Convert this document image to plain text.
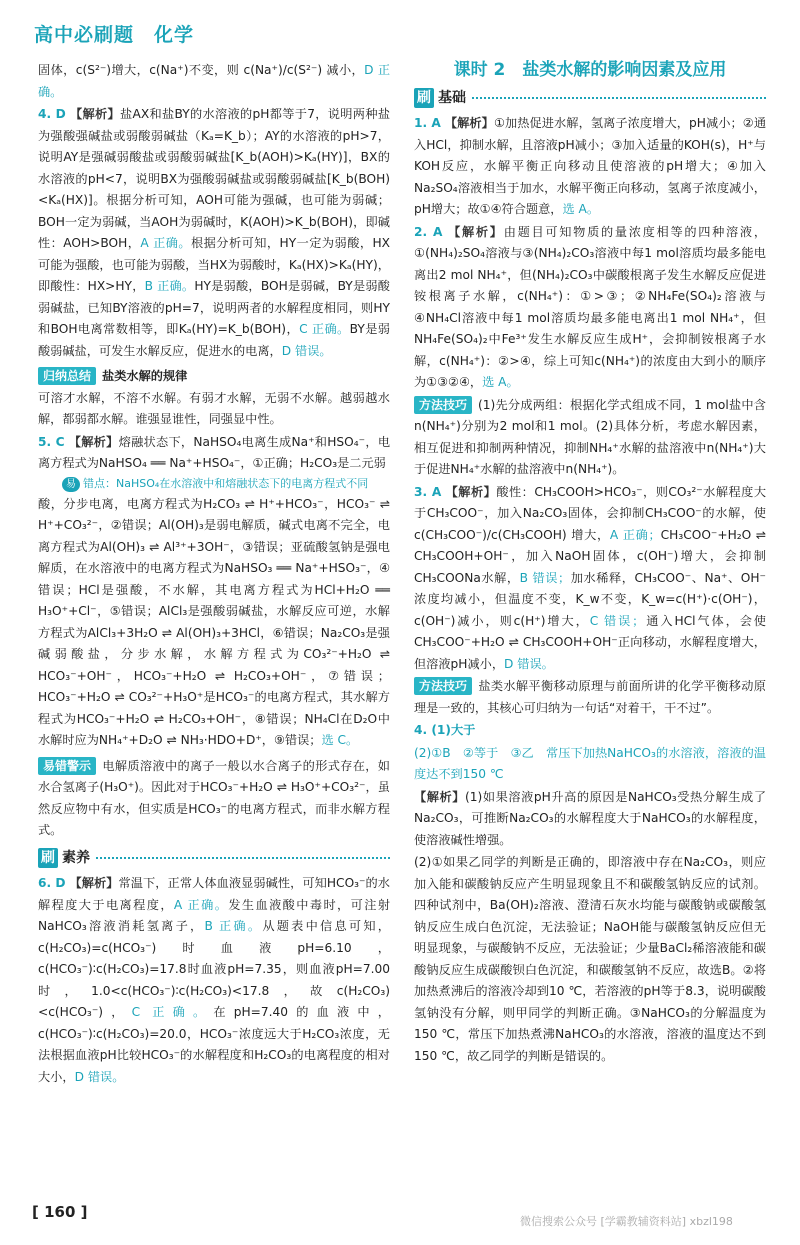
高中必刷题　化学

固体，c(S²⁻)增大，c(Na⁺)不变，则 c(Na⁺)/c(S²⁻) 减小，D 正确。

4. D 【解析】盐AX和盐BY的水溶液的pH都等于7，说明两种盐为强酸强碱盐或弱酸弱碱盐（Kₐ=K_b）；AY的水溶液的pH>7，说明AY是强碱弱酸盐或弱酸弱碱盐[K_b(AOH)>Kₐ(HY)]，BX的水溶液的pH<7，说明BX为强酸弱碱盐或弱酸弱碱盐[K_b(BOH)<Kₐ(HX)]。根据分析可知，AOH可能为强碱，也可能为弱碱；BOH一定为弱碱，当AOH为弱碱时，K(AOH)>K_b(BOH)，即碱性：AOH>BOH，A 正确。根据分析可知，HY一定为弱酸，HX可能为强酸，也可能为弱酸，当HX为弱酸时，Kₐ(HX)>Kₐ(HY)，即酸性：HX>HY，B 正确。HY是弱酸，BOH是弱碱，BY是弱酸弱碱盐，已知BY溶液的pH=7，说明两者的水解程度相同，则HY和BOH电离常数相等，即Kₐ(HY)=K_b(BOH)，C 正确。BY是弱酸弱碱盐，可发生水解反应，促进水的电离，D 错误。

归纳总结 盐类水解的规律

可溶才水解，不溶不水解。有弱才水解，无弱不水解。越弱越水解，都弱都水解。谁强显谁性，同强显中性。

5. C 【解析】熔融状态下，NaHSO₄电离生成Na⁺和HSO₄⁻，电离方程式为NaHSO₄ ══ Na⁺+HSO₄⁻，①正确；H₂CO₃是二元弱

易 错点：NaHSO₄在水溶液中和熔融状态下的电离方程式不同

酸，分步电离，电离方程式为H₂CO₃ ⇌ H⁺+HCO₃⁻，HCO₃⁻ ⇌ H⁺+CO₃²⁻，②错误；Al(OH)₃是弱电解质，碱式电离不完全，电离方程式为Al(OH)₃ ⇌ Al³⁺+3OH⁻，③错误；亚硫酸氢钠是强电解质，在水溶液中的电离方程式为NaHSO₃ ══ Na⁺+HSO₃⁻，④错误；HCl是强酸，不水解，其电离方程式为HCl+H₂O ══ H₃O⁺+Cl⁻，⑤错误；AlCl₃是强酸弱碱盐，水解反应可逆，水解方程式为AlCl₃+3H₂O ⇌ Al(OH)₃+3HCl，⑥错误；Na₂CO₃是强碱弱酸盐，分步水解，水解方程式为CO₃²⁻+H₂O ⇌ HCO₃⁻+OH⁻，HCO₃⁻+H₂O ⇌ H₂CO₃+OH⁻，⑦错误；HCO₃⁻+H₂O ⇌ CO₃²⁻+H₃O⁺是HCO₃⁻的电离方程式，其水解方程式为HCO₃⁻+H₂O ⇌ H₂CO₃+OH⁻，⑧错误；NH₄Cl在D₂O中水解时应为NH₄⁺+D₂O ⇌ NH₃·HDO+D⁺，⑨错误；选 C。

易错警示 电解质溶液中的离子一般以水合离子的形式存在，如水合氢离子(H₃O⁺)。因此对于HCO₃⁻+H₂O ⇌ H₃O⁺+CO₃²⁻，虽然反应物中有水，但实质是HCO₃⁻的电离方程式，而非水解方程式。
刷 素养

6. D 【解析】常温下，正常人体血液显弱碱性，可知HCO₃⁻的水解程度大于电离程度，A 正确。发生血液酸中毒时，可注射NaHCO₃溶液消耗氢离子，B 正确。从题表中信息可知，c(H₂CO₃)=c(HCO₃⁻)时血液pH=6.10，c(HCO₃⁻)∶c(H₂CO₃)=17.8时血液pH=7.35，则血液pH=7.00时，1.0<c(HCO₃⁻)∶c(H₂CO₃)<17.8，故c(H₂CO₃)<c(HCO₃⁻)，C 正确。在pH=7.40的血液中，c(HCO₃⁻)∶c(H₂CO₃)=20.0，HCO₃⁻浓度远大于H₂CO₃浓度，无法根据血液pH比较HCO₃⁻的水解程度和H₂CO₃的电离程度的相对大小，D 错误。

课时 2　盐类水解的影响因素及应用
刷 基础

1. A 【解析】①加热促进水解，氢离子浓度增大，pH减小；②通入HCl，抑制水解，且溶液pH减小；③加入适量的KOH(s)，H⁺与KOH反应，水解平衡正向移动且使溶液的pH增大；④加入Na₂SO₄溶液相当于加水，水解平衡正向移动，氢离子浓度减小，pH增大；故①④符合题意，选 A。

2. A 【解析】由题目可知物质的量浓度相等的四种溶液，①(NH₄)₂SO₄溶液与③(NH₄)₂CO₃溶液中每1 mol溶质均最多能电离出2 mol NH₄⁺，但(NH₄)₂CO₃中碳酸根离子发生水解反应促进铵根离子水解，c(NH₄⁺)：①>③；②NH₄Fe(SO₄)₂溶液与④NH₄Cl溶液中每1 mol溶质均最多能电离出1 mol NH₄⁺，但NH₄Fe(SO₄)₂中Fe³⁺发生水解反应生成H⁺，会抑制铵根离子水解，c(NH₄⁺)：②>④，综上可知c(NH₄⁺)的浓度由大到小的顺序为①③②④，选 A。

方法技巧 (1)先分成两组：根据化学式组成不同，1 mol盐中含n(NH₄⁺)分别为2 mol和1 mol。(2)具体分析，考虑水解因素，相互促进和抑制两种情况，抑制NH₄⁺水解的盐溶液中n(NH₄⁺)大于促进NH₄⁺水解的盐溶液中n(NH₄⁺)。

3. A 【解析】酸性：CH₃COOH>HCO₃⁻，则CO₃²⁻水解程度大于CH₃COO⁻，加入Na₂CO₃固体，会抑制CH₃COO⁻的水解，使 c(CH₃COO⁻)/c(CH₃COOH) 增大，A 正确；CH₃COO⁻+H₂O ⇌ CH₃COOH+OH⁻，加入NaOH固体，c(OH⁻)增大，会抑制CH₃COONa水解，B 错误；加水稀释，CH₃COO⁻、Na⁺、OH⁻浓度均减小，但温度不变，K_w不变，K_w=c(H⁺)·c(OH⁻)，c(OH⁻)减小，则c(H⁺)增大，C 错误；通入HCl气体，会使CH₃COO⁻+H₂O ⇌ CH₃COOH+OH⁻正向移动，水解程度增大，但溶液pH减小，D 错误。

方法技巧 盐类水解平衡移动原理与前面所讲的化学平衡移动原理是一致的，其核心可归纳为一句话“对着干，干不过”。

4. (1)大于

(2)①B　②等于　③乙　常压下加热NaHCO₃的水溶液，溶液的温度达不到150 ℃

【解析】(1)如果溶液pH升高的原因是NaHCO₃受热分解生成了Na₂CO₃，可推断Na₂CO₃的水解程度大于NaHCO₃的水解程度，使溶液碱性增强。

(2)①如果乙同学的判断是正确的，即溶液中存在Na₂CO₃，则应加入能和碳酸钠反应产生明显现象且不和碳酸氢钠反应的试剂。四种试剂中，Ba(OH)₂溶液、澄清石灰水均能与碳酸钠或碳酸氢钠反应生成白色沉淀，无法验证；NaOH能与碳酸氢钠反应但无明显现象，与碳酸钠不反应，无法验证；少量BaCl₂稀溶液能和碳酸钠反应生成碳酸钡白色沉淀，和碳酸氢钠不反应，故选B。②将加热煮沸后的溶液冷却到10 ℃，若溶液的pH等于8.3，说明碳酸氢钠没有分解，则甲同学的判断正确。③NaHCO₃的分解温度为150 ℃，常压下加热煮沸NaHCO₃的水溶液，溶液的温度达不到150 ℃，故乙同学的判断是错误的。

[ 160 ]
微信搜索公众号 [学霸教辅资料站] xbzl198
